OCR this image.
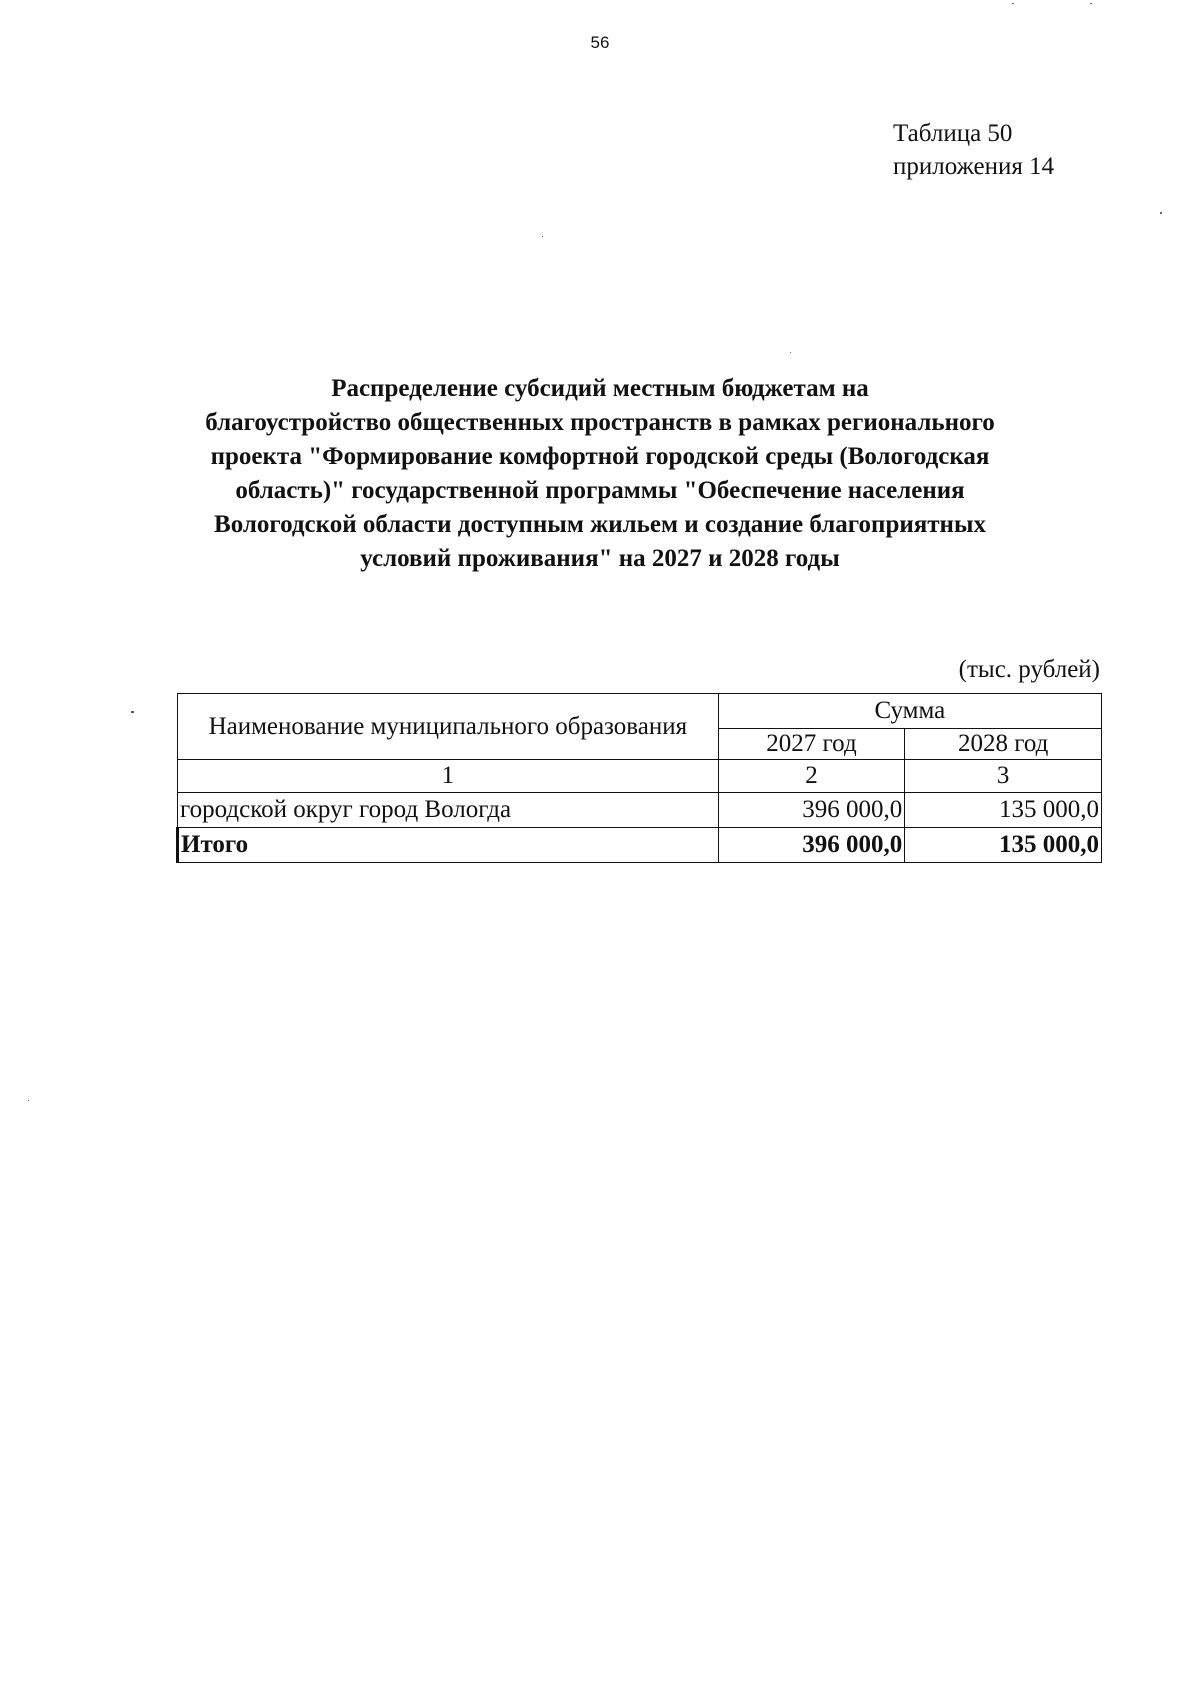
56
Таблица 50
приложения 14
Распределение субсидий местным бюджетам на
благоустройство общественных пространств в рамках регионального
проекта "Формирование комфортной городской среды (Вологодская
область)" государственной программы "Обеспечение населения
Вологодской области доступным жильем и создание благоприятных
условий проживания" на 2027 и 2028 годы
(тыс. рублей)
Наименование муниципального образования	Сумма	
	2027 год	2028 год
1	2	3
городской округ город Вологда	396 000,0	135 000,0
Итого	396 000,0	135 000,0
